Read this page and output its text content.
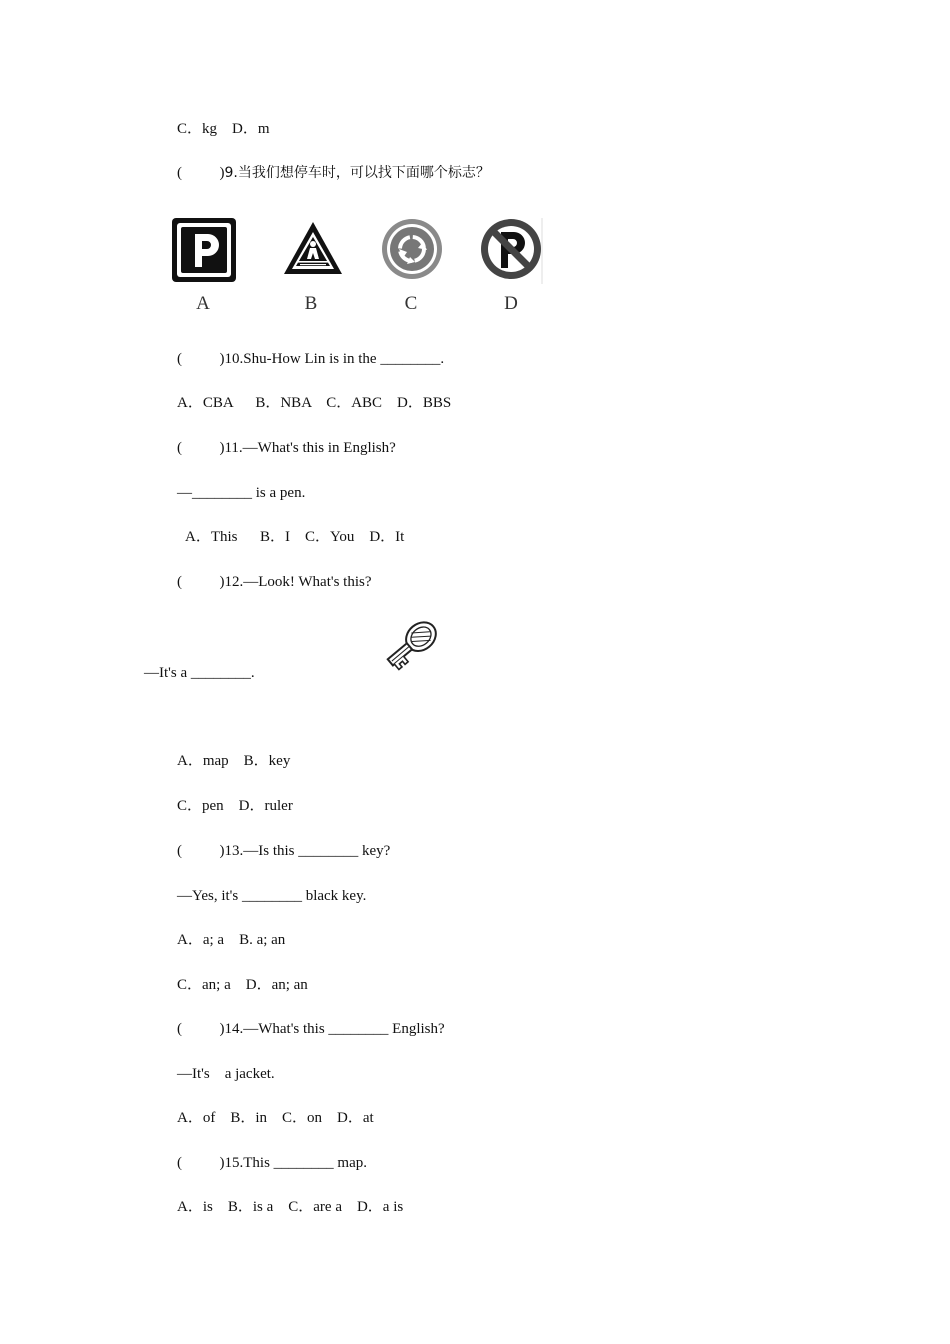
C．kg    D．m
(          )9.当我们想停车时，可以找下面哪个标志？
A	B	C	D
(          )10.Shu-How Lin is in the ________.
A．CBA      B．NBA    C．ABC    D．BBS
(          )11.—What's this in English?
—________ is a pen.
A．This      B．I    C．You    D．It
(          )12.—Look! What's this?
—It's a ________.
A．map    B．key
C．pen    D．ruler
(          )13.—Is this ________ key?
—Yes, it's ________ black key.
A．a; a    B. a; an
C．an; a    D．an; an
(          )14.—What's this ________ English?
—It's    a jacket.
A．of    B．in    C．on    D．at
(          )15.This ________ map.
A．is    B．is a    C．are a    D．a is
